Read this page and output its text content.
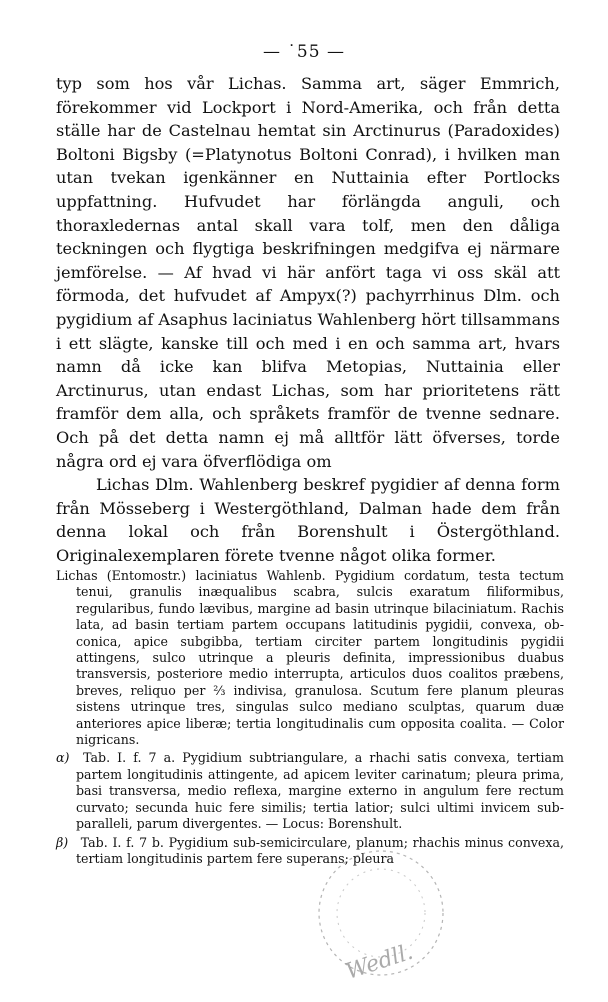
— ˙55 —

typ som hos vår Lichas. Samma art, säger Emmrich, förekommer vid Lockport i Nord-Amerika, och från detta ställe har de Castelnau hemtat sin Arctinurus (Paradoxides) Boltoni Bigsby (=Platynotus Boltoni Conrad), i hvilken man utan tvekan igenkänner en Nuttainia efter Portlocks uppfattning. Hufvudet har förlängda anguli, och thoraxledernas antal skall vara tolf, men den dåliga teckningen och flygtiga beskrifningen medgifva ej närmare jemförelse. — Af hvad vi här anfört taga vi oss skäl att förmoda, det hufvudet af Ampyx(?) pachyrrhinus Dlm. och pygidium af Asaphus laciniatus Wahlenberg hört tillsammans i ett slägte, kanske till och med i en och samma art, hvars namn då icke kan blifva Metopias, Nuttainia eller Arctinurus, utan endast Lichas, som har prioritetens rätt framför dem alla, och språkets framför de tvenne sednare. Och på det detta namn ej må alltför lätt öfverses, torde några ord ej vara öfverflödiga om

Lichas Dlm. Wahlenberg beskref pygidier af denna form från Mösseberg i Westergöthland, Dalman hade dem från denna lokal och från Borenshult i Östergöthland. Originalexemplaren förete tvenne något olika former.

Lichas (Entomostr.) laciniatus Wahlenb. Pygidium cordatum, testa tectum tenui, granulis inæqualibus scabra, sulcis exaratum filiformibus, regularibus, fundo lævibus, margine ad basin utrinque bilaciniatum. Rachis lata, ad basin tertiam partem occupans latitudinis pygidii, convexa, ob-conica, apice subgibba, tertiam circiter partem longitudinis pygidii attingens, sulco utrinque a pleuris definita, impressionibus duabus transversis, posteriore medio interrupta, articulos duos coalitos præbens, breves, reliquo per ⅔ indivisa, granulosa. Scutum fere planum pleuras sistens utrinque tres, singulas sulco mediano sculptas, quarum duæ anteriores apice liberæ; tertia longitudinalis cum opposita coalita. — Color nigricans.
α) Tab. I. f. 7 a. Pygidium subtriangulare, a rhachi satis convexa, tertiam partem longitudinis attingente, ad apicem leviter carinatum; pleura prima, basi transversa, medio reflexa, margine externo in angulum fere rectum curvato; secunda huic fere similis; tertia latior; sulci ultimi invicem sub-paralleli, parum divergentes. — Locus: Borenshult.
β) Tab. I. f. 7 b. Pygidium sub-semicirculare, planum; rhachis minus convexa, tertiam longitudinis partem fere superans; pleura
Wedll.
